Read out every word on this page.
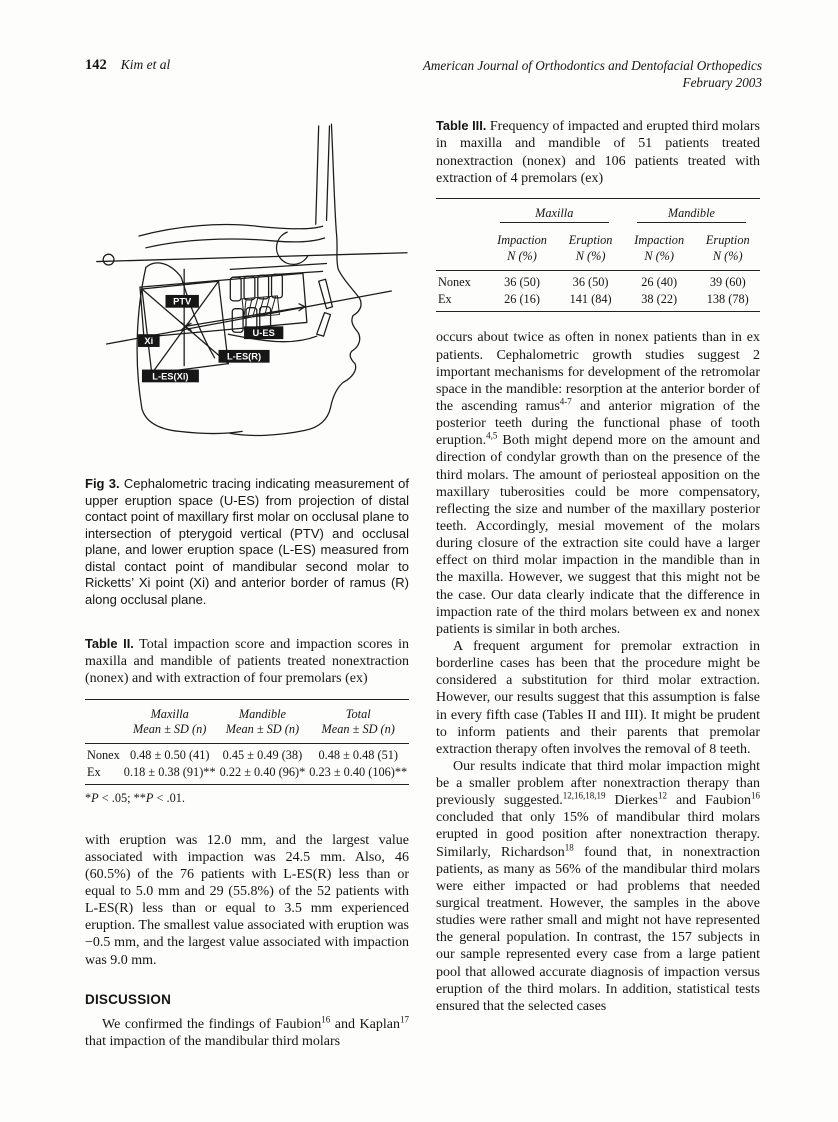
142 Kim et al	American Journal of Orthodontics and Dentofacial Orthopedics
February 2003
PTV
Xi
U-ES
L-ES(R)
L-ES(Xi)

Fig 3. Cephalometric tracing indicating measurement of upper eruption space (U-ES) from projection of distal contact point of maxillary first molar on occlusal plane to intersection of pterygoid vertical (PTV) and occlusal plane, and lower eruption space (L-ES) measured from distal contact point of mandibular second molar to Ricketts’ Xi point (Xi) and anterior border of ramus (R) along occlusal plane.

Table II. Total impaction score and impaction scores in maxilla and mandible of patients treated nonextraction (nonex) and with extraction of four premolars (ex)

Maxilla
Mean ± SD (n)

Mandible
Mean ± SD (n)

Total
Mean ± SD (n)

Nonex	0.48 ± 0.50 (41)	0.45 ± 0.49 (38)	0.48 ± 0.48 (51)
Ex	0.18 ± 0.38 (91)**	0.22 ± 0.40 (96)*	0.23 ± 0.40 (106)**

*P < .05; **P < .01.

with eruption was 12.0 mm, and the largest value associated with impaction was 24.5 mm. Also, 46 (60.5%) of the 76 patients with L-ES(R) less than or equal to 5.0 mm and 29 (55.8%) of the 52 patients with L-ES(R) less than or equal to 3.5 mm experienced eruption. The smallest value associated with eruption was −0.5 mm, and the largest value associated with impaction was 9.0 mm.

DISCUSSION

We confirmed the findings of Faubion$^{16}$ and Kaplan$^{17}$ that impaction of the mandibular third molars

Table III. Frequency of impacted and erupted third molars in maxilla and mandible of 51 patients treated nonextraction (nonex) and 106 patients treated with extraction of 4 premolars (ex)

	Maxilla		Mandible	

Impaction
N (%)

Eruption
N (%)

Impaction
N (%)

Eruption
N (%)

Nonex	36 (50)	36 (50)	26 (40)	39 (60)
Ex	26 (16)	141 (84)	38 (22)	138 (78)

occurs about twice as often in nonex patients than in ex patients. Cephalometric growth studies suggest 2 important mechanisms for development of the retromolar space in the mandible: resorption at the anterior border of the ascending ramus$^{4-7}$ and anterior migration of the posterior teeth during the functional phase of tooth eruption.$^{4,5}$ Both might depend more on the amount and direction of condylar growth than on the presence of the third molars. The amount of periosteal apposition on the maxillary tuberosities could be more compensatory, reflecting the size and number of the maxillary posterior teeth. Accordingly, mesial movement of the molars during closure of the extraction site could have a larger effect on third molar impaction in the mandible than in the maxilla. However, we suggest that this might not be the case. Our data clearly indicate that the difference in impaction rate of the third molars between ex and nonex patients is similar in both arches.

A frequent argument for premolar extraction in borderline cases has been that the procedure might be considered a substitution for third molar extraction. However, our results suggest that this assumption is false in every fifth case (Tables II and III). It might be prudent to inform patients and their parents that premolar extraction therapy often involves the removal of 8 teeth.

Our results indicate that third molar impaction might be a smaller problem after nonextraction therapy than previously suggested.$^{12,16,18,19}$ Dierkes$^{12}$ and Faubion$^{16}$ concluded that only 15% of mandibular third molars erupted in good position after nonextraction therapy. Similarly, Richardson$^{18}$ found that, in nonextraction patients, as many as 56% of the mandibular third molars were either impacted or had problems that needed surgical treatment. However, the samples in the above studies were rather small and might not have represented the general population. In contrast, the 157 subjects in our sample represented every case from a large patient pool that allowed accurate diagnosis of impaction versus eruption of the third molars. In addition, statistical tests ensured that the selected cases
